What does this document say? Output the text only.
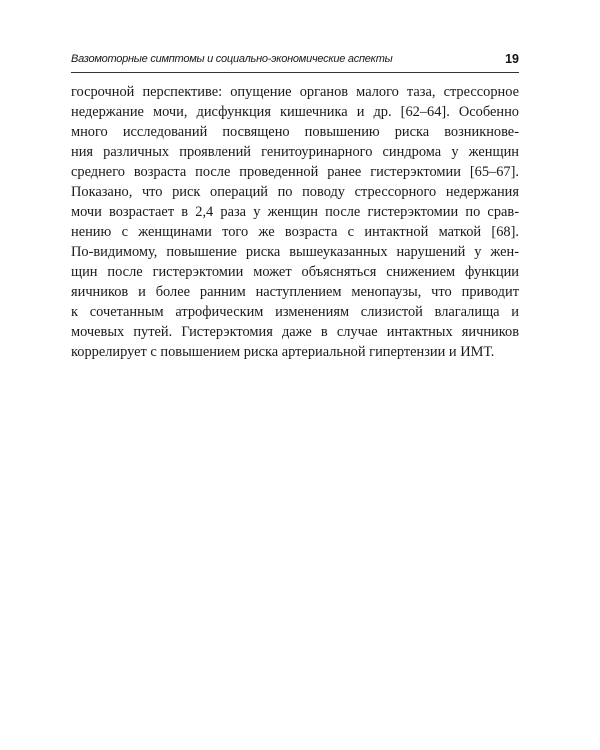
Вазомоторные симптомы и социально-экономические аспекты	19
госрочной перспективе: опущение органов малого таза, стрессорное
недержание мочи, дисфункция кишечника и др. [62–64]. Особенно
много исследований посвящено повышению риска возникнове-
ния различных проявлений генитоуринарного синдрома у женщин
среднего возраста после проведенной ранее гистерэктомии [65–67].
Показано, что риск операций по поводу стрессорного недержания
мочи возрастает в 2,4 раза у женщин после гистерэктомии по срав-
нению с женщинами того же возраста с интактной маткой [68].
По-видимому, повышение риска вышеуказанных нарушений у жен-
щин после гистерэктомии может объясняться снижением функции
яичников и более ранним наступлением менопаузы, что приводит
к сочетанным атрофическим изменениям слизистой влагалища и
мочевых путей. Гистерэктомия даже в случае интактных яичников
коррелирует с повышением риска артериальной гипертензии и ИМТ.
